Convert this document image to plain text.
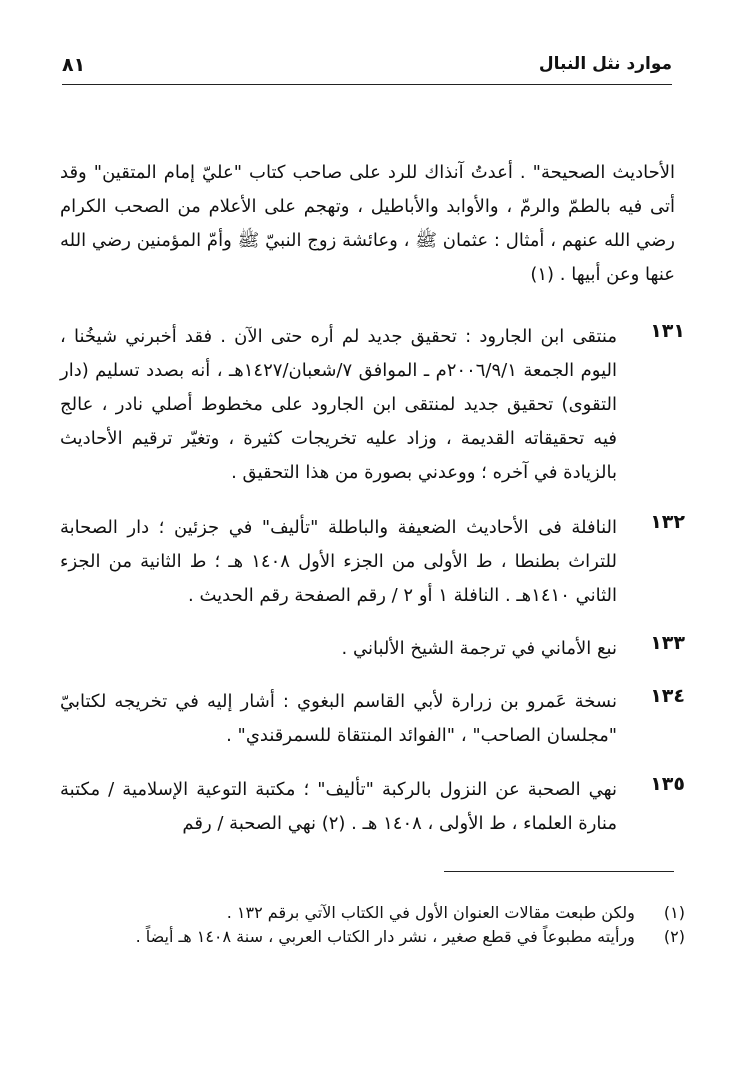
موارد نثل النبال
٨١

الأحاديث الصحيحة" . أعدتُ آنذاك للرد على صاحب كتاب "عليّ إمام المتقين" وقد أتى فيه بالطمّ والرمّ ، والأوابد والأباطيل ، وتهجم على الأعلام من الصحب الكرام رضي الله عنهم ، أمثال : عثمان ﷺ ، وعائشة زوج النبيّ ﷺ وأمّ المؤمنين رضي الله عنها وعن أبيها . (١)

١٣١
منتقى ابن الجارود : تحقيق جديد لم أره حتى الآن . فقد أخبرني شيخُنا ، اليوم الجمعة ٢٠٠٦/٩/١م ـ الموافق ٧/شعبان/١٤٢٧هـ ، أنه بصدد تسليم (دار التقوى) تحقيق جديد لمنتقى ابن الجارود على مخطوط أصلي نادر ، عالج فيه تحقيقاته القديمة ، وزاد عليه تخريجات كثيرة ، وتغيّر ترقيم الأحاديث بالزيادة في آخره ؛ ووعدني بصورة من هذا التحقيق .
١٣٢
النافلة فى الأحاديث الضعيفة والباطلة "تأليف" في جزئين ؛ دار الصحابة للتراث بطنطا ، ط الأولى من الجزء الأول ١٤٠٨ هـ ؛ ط الثانية من الجزء الثاني ١٤١٠هـ . النافلة ١ أو ٢ / رقم الصفحة رقم الحديث .
١٣٣
نبع الأماني في ترجمة الشيخ الألباني .
١٣٤
نسخة عَمرو بن زرارة لأبي القاسم البغوي : أشار إليه في تخريجه لكتابيّ "مجلسان الصاحب" ، "الفوائد المنتقاة للسمرقندي" .
١٣٥
نهي الصحبة عن النزول بالركبة "تأليف" ؛ مكتبة التوعية الإسلامية / مكتبة منارة العلماء ، ط الأولى ، ١٤٠٨ هـ . (٢) نهي الصحبة / رقم
(١) ولكن طبعت مقالات العنوان الأول في الكتاب الآتي برقم ١٣٢ .
(٢) ورأيته مطبوعاً في قطع صغير ، نشر دار الكتاب العربي ، سنة ١٤٠٨ هـ أيضاً .
